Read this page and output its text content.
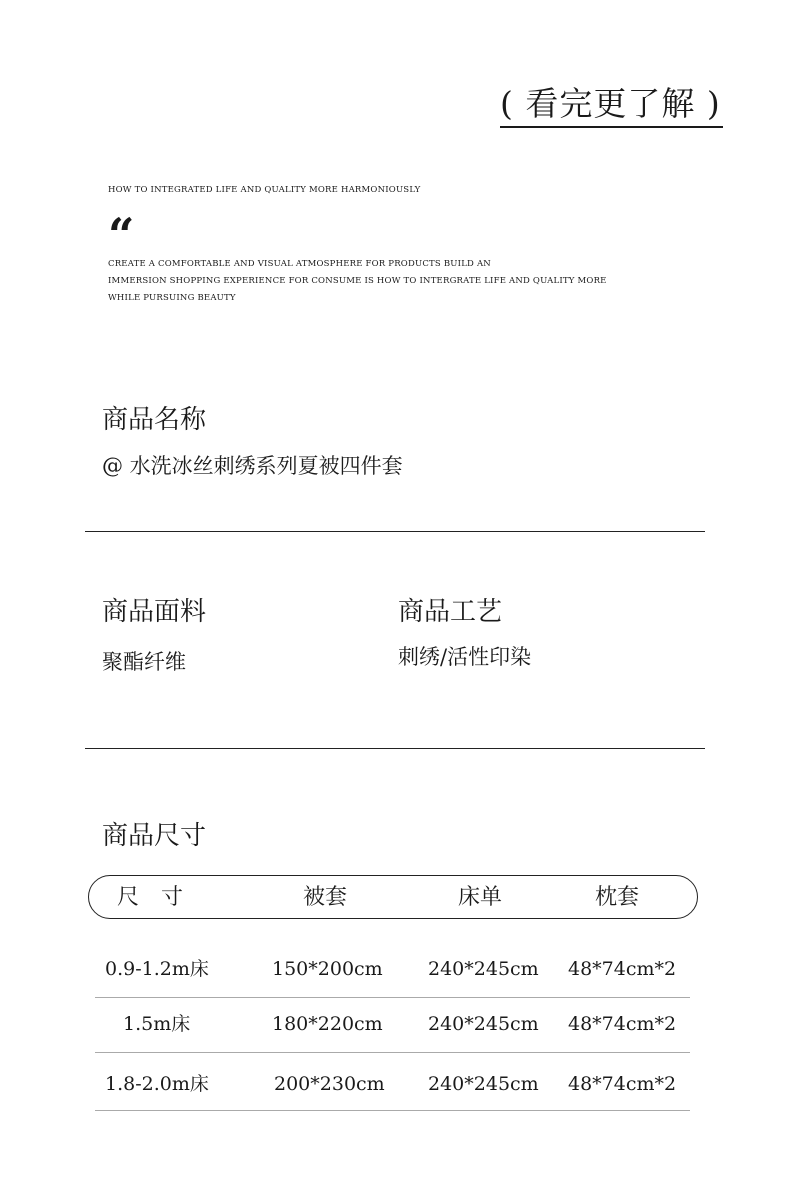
( 看完更了解 )
HOW TO INTEGRATED LIFE AND QUALITY MORE HARMONIOUSLY
“
CREATE A COMFORTABLE AND VISUAL ATMOSPHERE FOR PRODUCTS BUILD AN
IMMERSION SHOPPING EXPERIENCE FOR CONSUME IS HOW TO INTERGRATE LIFE AND QUALITY MORE
WHILE PURSUING BEAUTY
商品名称
@ 水洗冰丝刺绣系列夏被四件套
商品面料
聚酯纤维
商品工艺
刺绣/活性印染
商品尺寸
尺　寸	被套	床单	枕套
0.9-1.2m床	150*200cm 240*245cm 48*74cm*2
1.5m床	180*220cm 240*245cm 48*74cm*2
1.8-2.0m床	200*230cm 240*245cm 48*74cm*2
